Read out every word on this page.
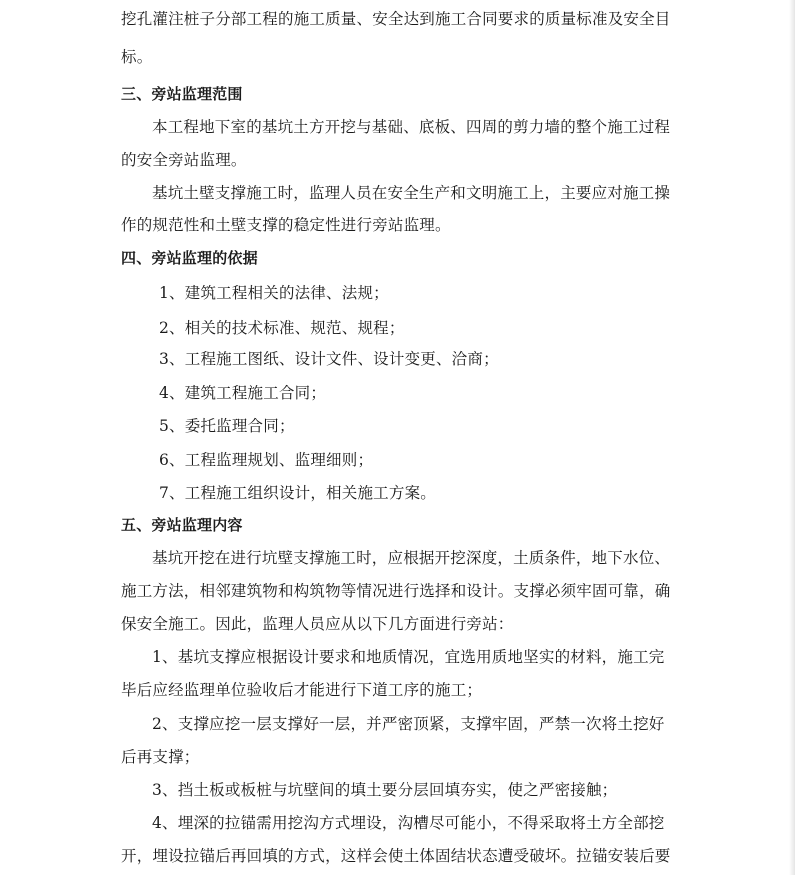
挖孔灌注桩子分部工程的施工质量、安全达到施工合同要求的质量标准及安全目
标。
三、旁站监理范围
本工程地下室的基坑土方开挖与基础、底板、四周的剪力墙的整个施工过程
的安全旁站监理。
基坑土壁支撑施工时，监理人员在安全生产和文明施工上，主要应对施工操
作的规范性和土壁支撑的稳定性进行旁站监理。
四、旁站监理的依据
1、建筑工程相关的法律、法规；
2、相关的技术标准、规范、规程；
3、工程施工图纸、设计文件、设计变更、洽商；
4、建筑工程施工合同；
5、委托监理合同；
6、工程监理规划、监理细则；
7、工程施工组织设计，相关施工方案。
五、旁站监理内容
基坑开挖在进行坑壁支撑施工时，应根据开挖深度，土质条件，地下水位、
施工方法，相邻建筑物和构筑物等情况进行选择和设计。支撑必须牢固可靠，确
保安全施工。因此，监理人员应从以下几方面进行旁站：
1、基坑支撑应根据设计要求和地质情况，宜选用质地坚实的材料，施工完
毕后应经监理单位验收后才能进行下道工序的施工；
2、支撑应挖一层支撑好一层，并严密顶紧，支撑牢固，严禁一次将土挖好
后再支撑；
3、挡土板或板桩与坑壁间的填土要分层回填夯实，使之严密接触；
4、埋深的拉锚需用挖沟方式埋设，沟槽尽可能小，不得采取将土方全部挖
开，埋设拉锚后再回填的方式，这样会使土体固结状态遭受破坏。拉锚安装后要
